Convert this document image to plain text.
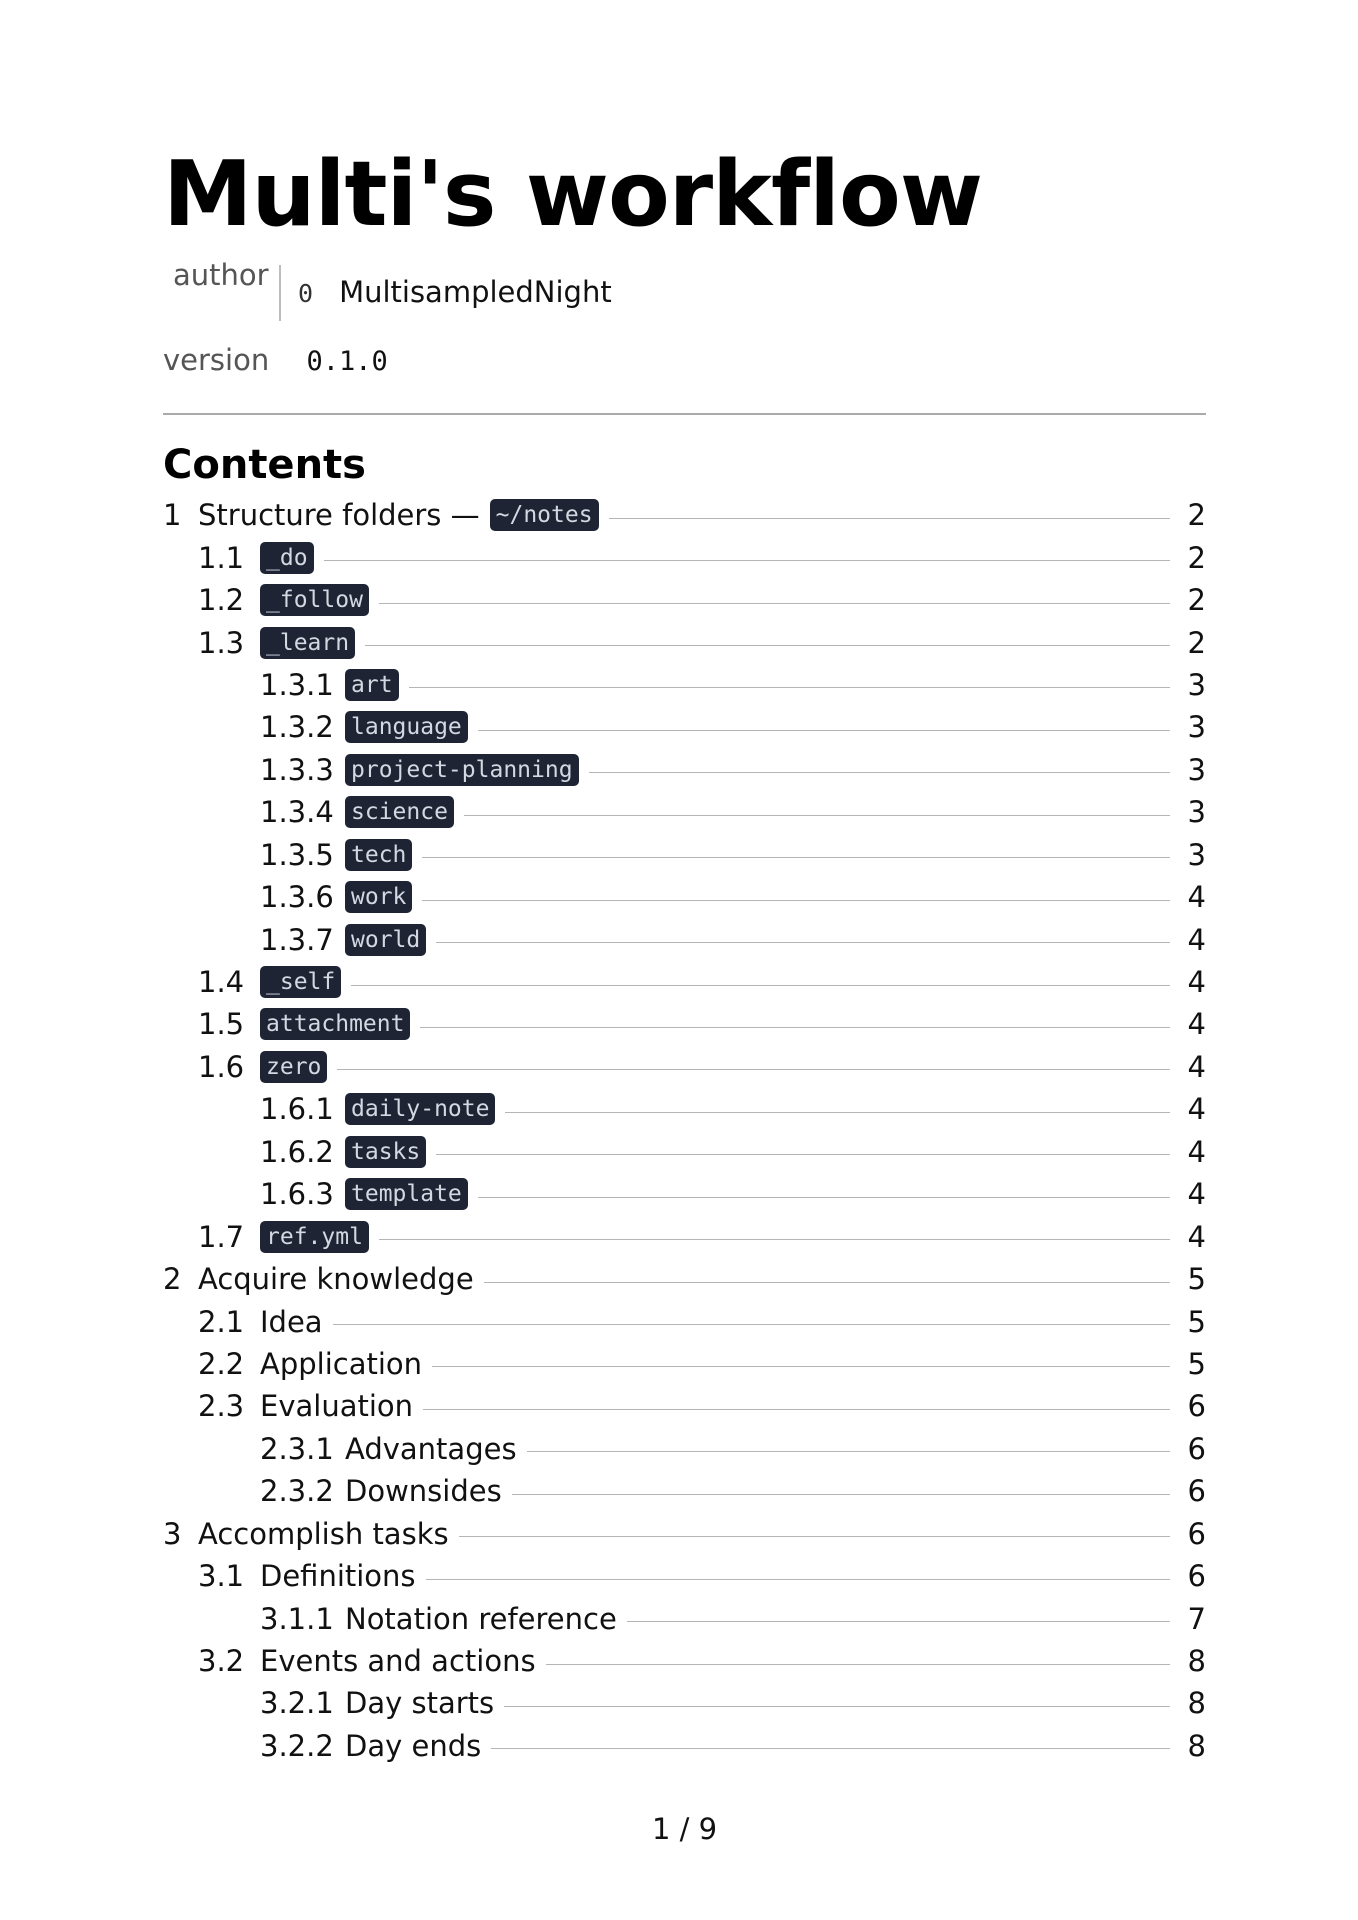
Multi's workflow
author
0 MultisampledNight
version 0.1.0
Contents
1 Structure folders — ~/notes	2
1.1 _do	2
1.2 _follow	2
1.3 _learn	2
1.3.1 art	3
1.3.2 language	3
1.3.3 project-planning	3
1.3.4 science	3
1.3.5 tech	3
1.3.6 work	4
1.3.7 world	4
1.4 _self	4
1.5 attachment	4
1.6 zero	4
1.6.1 daily-note	4
1.6.2 tasks	4
1.6.3 template	4
1.7 ref.yml	4
2 Acquire knowledge	5
2.1 Idea	5
2.2 Application	5
2.3 Evaluation	6
2.3.1 Advantages	6
2.3.2 Downsides	6
3 Accomplish tasks	6
3.1 Definitions	6
3.1.1 Notation reference	7
3.2 Events and actions	8
3.2.1 Day starts	8
3.2.2 Day ends	8
1 / 9
